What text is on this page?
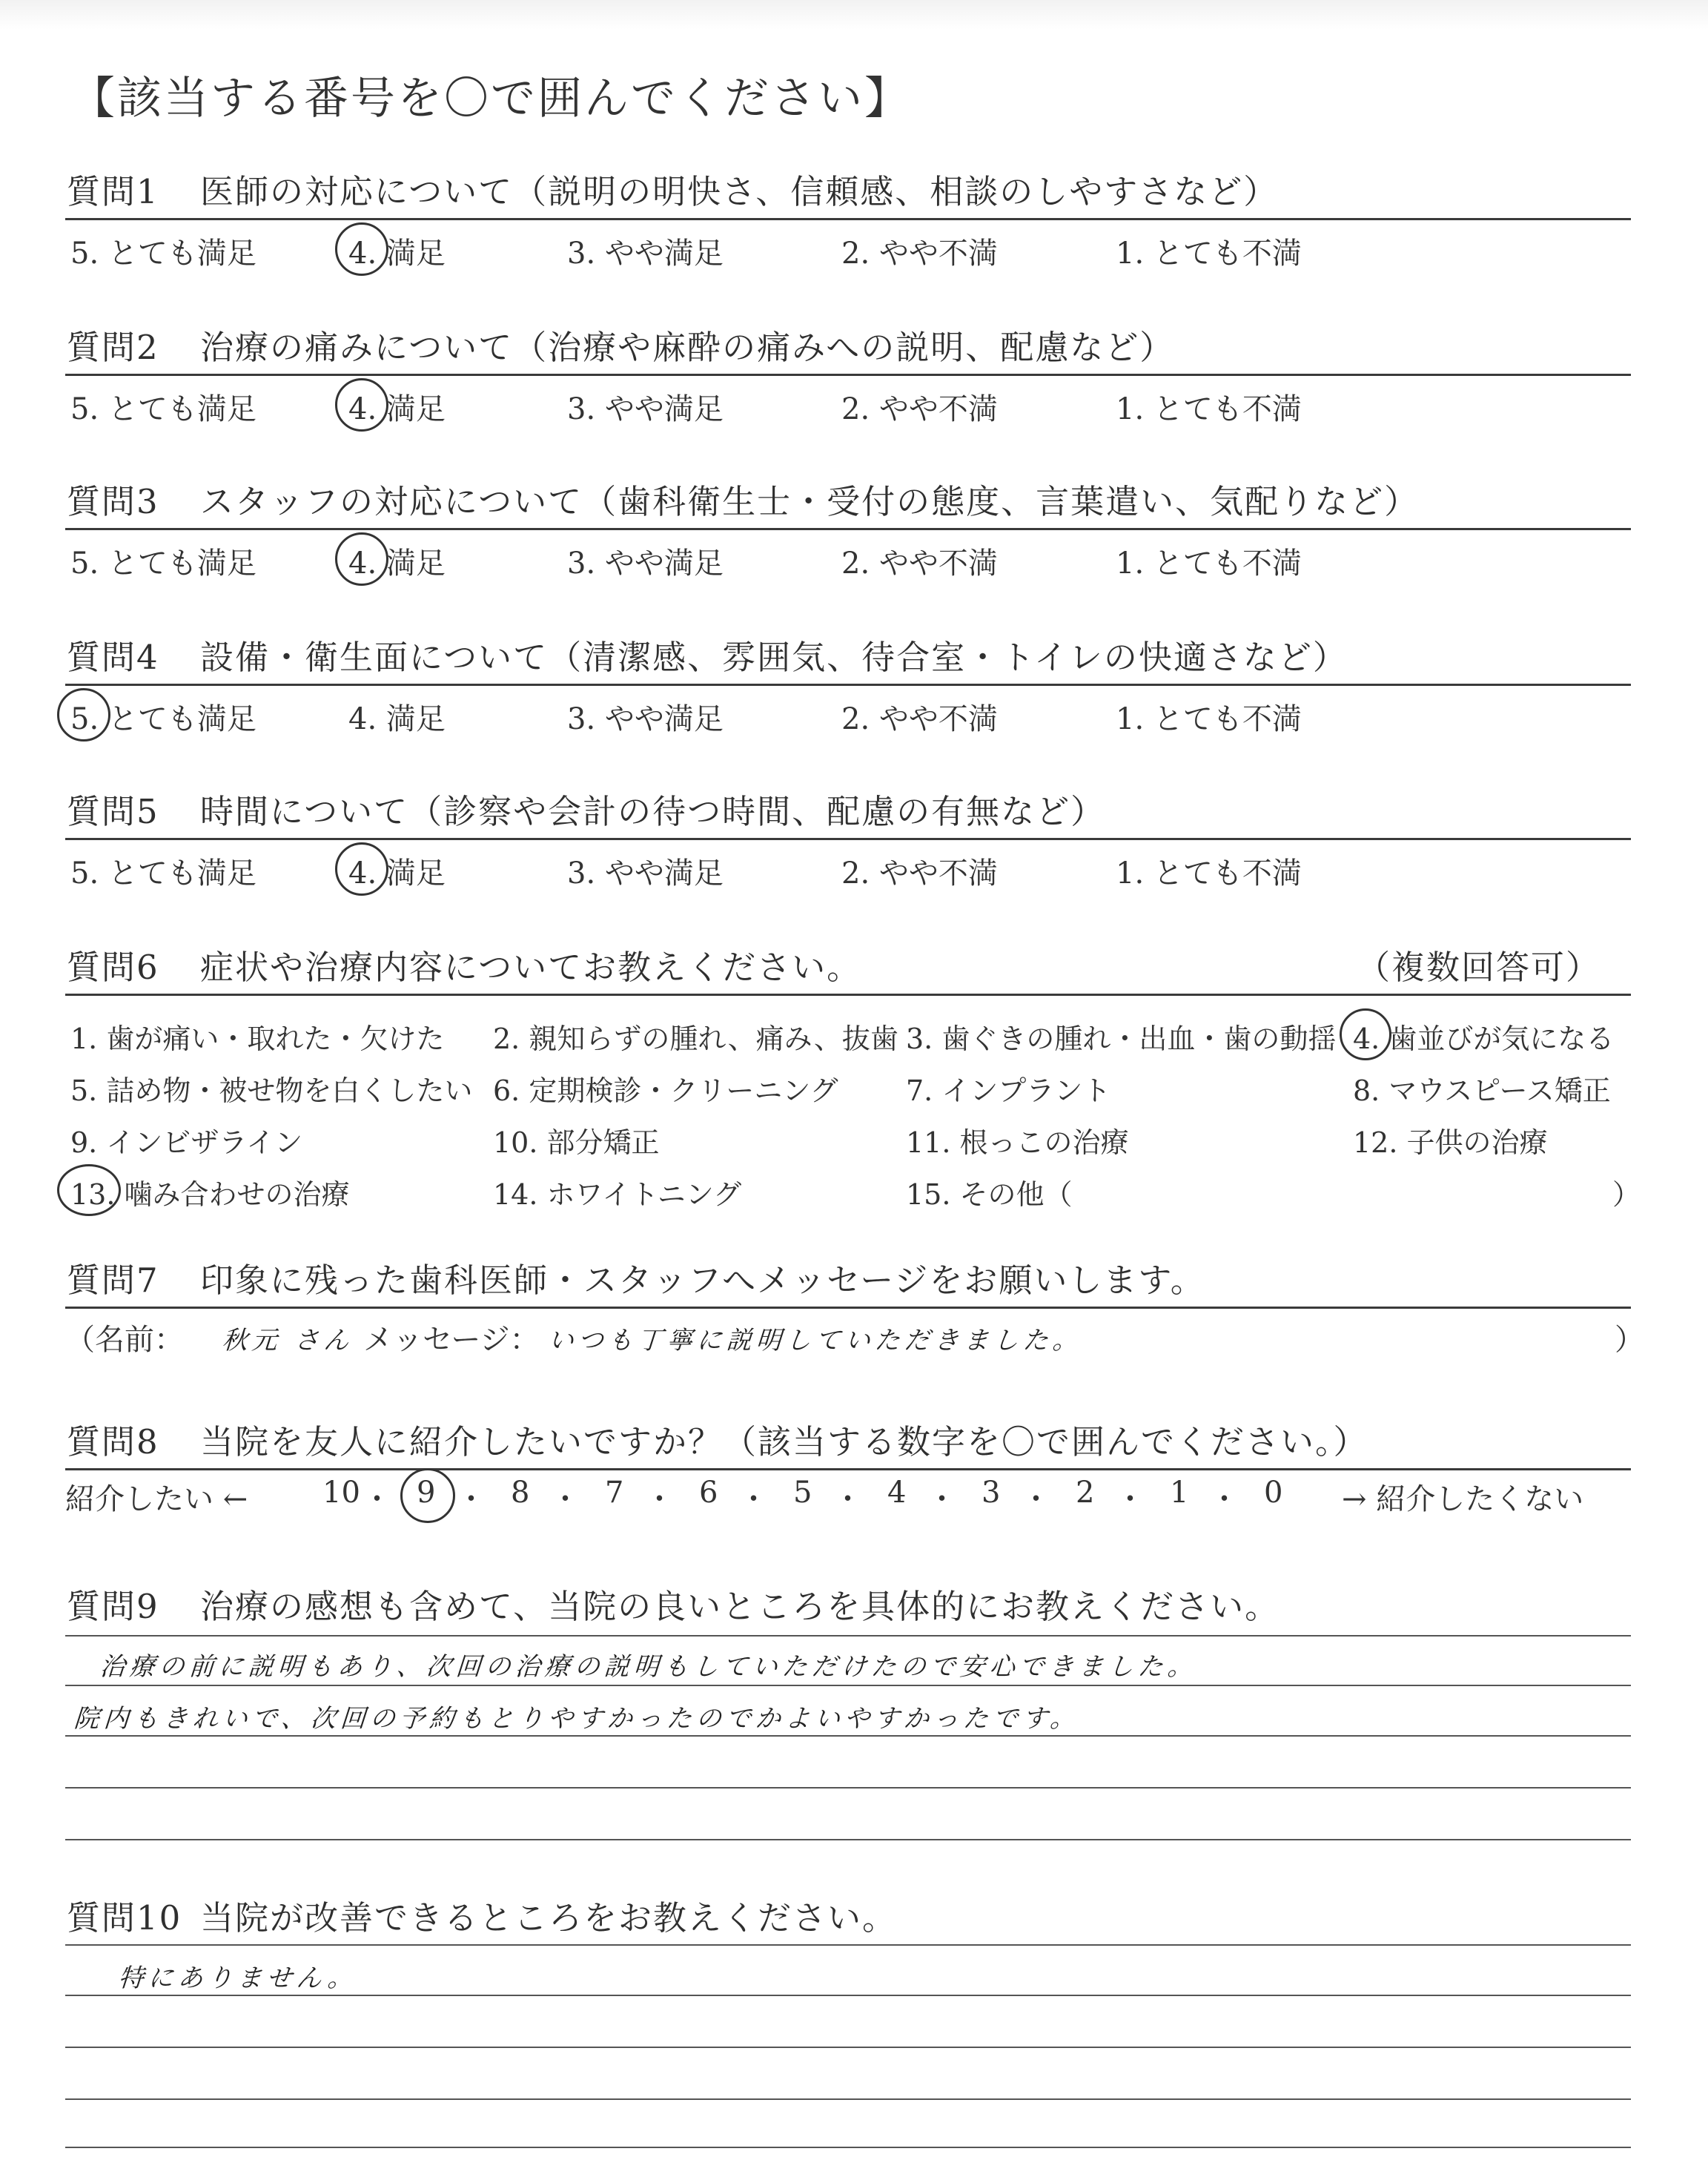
【該当する番号を〇で囲んでください】
質問1 医師の対応について（説明の明快さ、信頼感、相談のしやすさなど）
5. とても満足	4. 満足	3. やや満足	2. やや不満	1. とても不満
質問2 治療の痛みについて（治療や麻酔の痛みへの説明、配慮など）
5. とても満足	4. 満足	3. やや満足	2. やや不満	1. とても不満
質問3 スタッフの対応について（歯科衛生士・受付の態度、言葉遣い、気配りなど）
5. とても満足	4. 満足	3. やや満足	2. やや不満	1. とても不満
質問4 設備・衛生面について（清潔感、雰囲気、待合室・トイレの快適さなど）
5. とても満足	4. 満足	3. やや満足	2. やや不満	1. とても不満
質問5 時間について（診察や会計の待つ時間、配慮の有無など）
5. とても満足	4. 満足	3. やや満足	2. やや不満	1. とても不満
質問6 症状や治療内容についてお教えください。	（複数回答可）
1. 歯が痛い・取れた・欠けた 2. 親知らずの腫れ、痛み、抜歯 3. 歯ぐきの腫れ・出血・歯の動揺 4. 歯並びが気になる
5. 詰め物・被せ物を白くしたい 6. 定期検診・クリーニング 7. インプラント	8. マウスピース矯正
9. インビザライン	10. 部分矯正	11. 根っこの治療	12. 子供の治療
13. 噛み合わせの治療	14. ホワイトニング	15. その他（	）
質問7 印象に残った歯科医師・スタッフへメッセージをお願いします。
（名前： 秋元 さん メッセージ： いつも丁寧に説明していただきました。	）
質問8 当院を友人に紹介したいですか？（該当する数字を〇で囲んでください。）
紹介したい ←	→ 紹介したくない
10 ・ 9 ・ 8 ・ 7 ・ 6 ・ 5 ・ 4 ・ 3 ・ 2 ・ 1 ・ 0
質問9 治療の感想も含めて、当院の良いところを具体的にお教えください。
治療の前に説明もあり、次回の治療の説明もしていただけたので安心できました。
院内もきれいで、次回の予約もとりやすかったのでかよいやすかったです。
質問10 当院が改善できるところをお教えください。
特にありません。
